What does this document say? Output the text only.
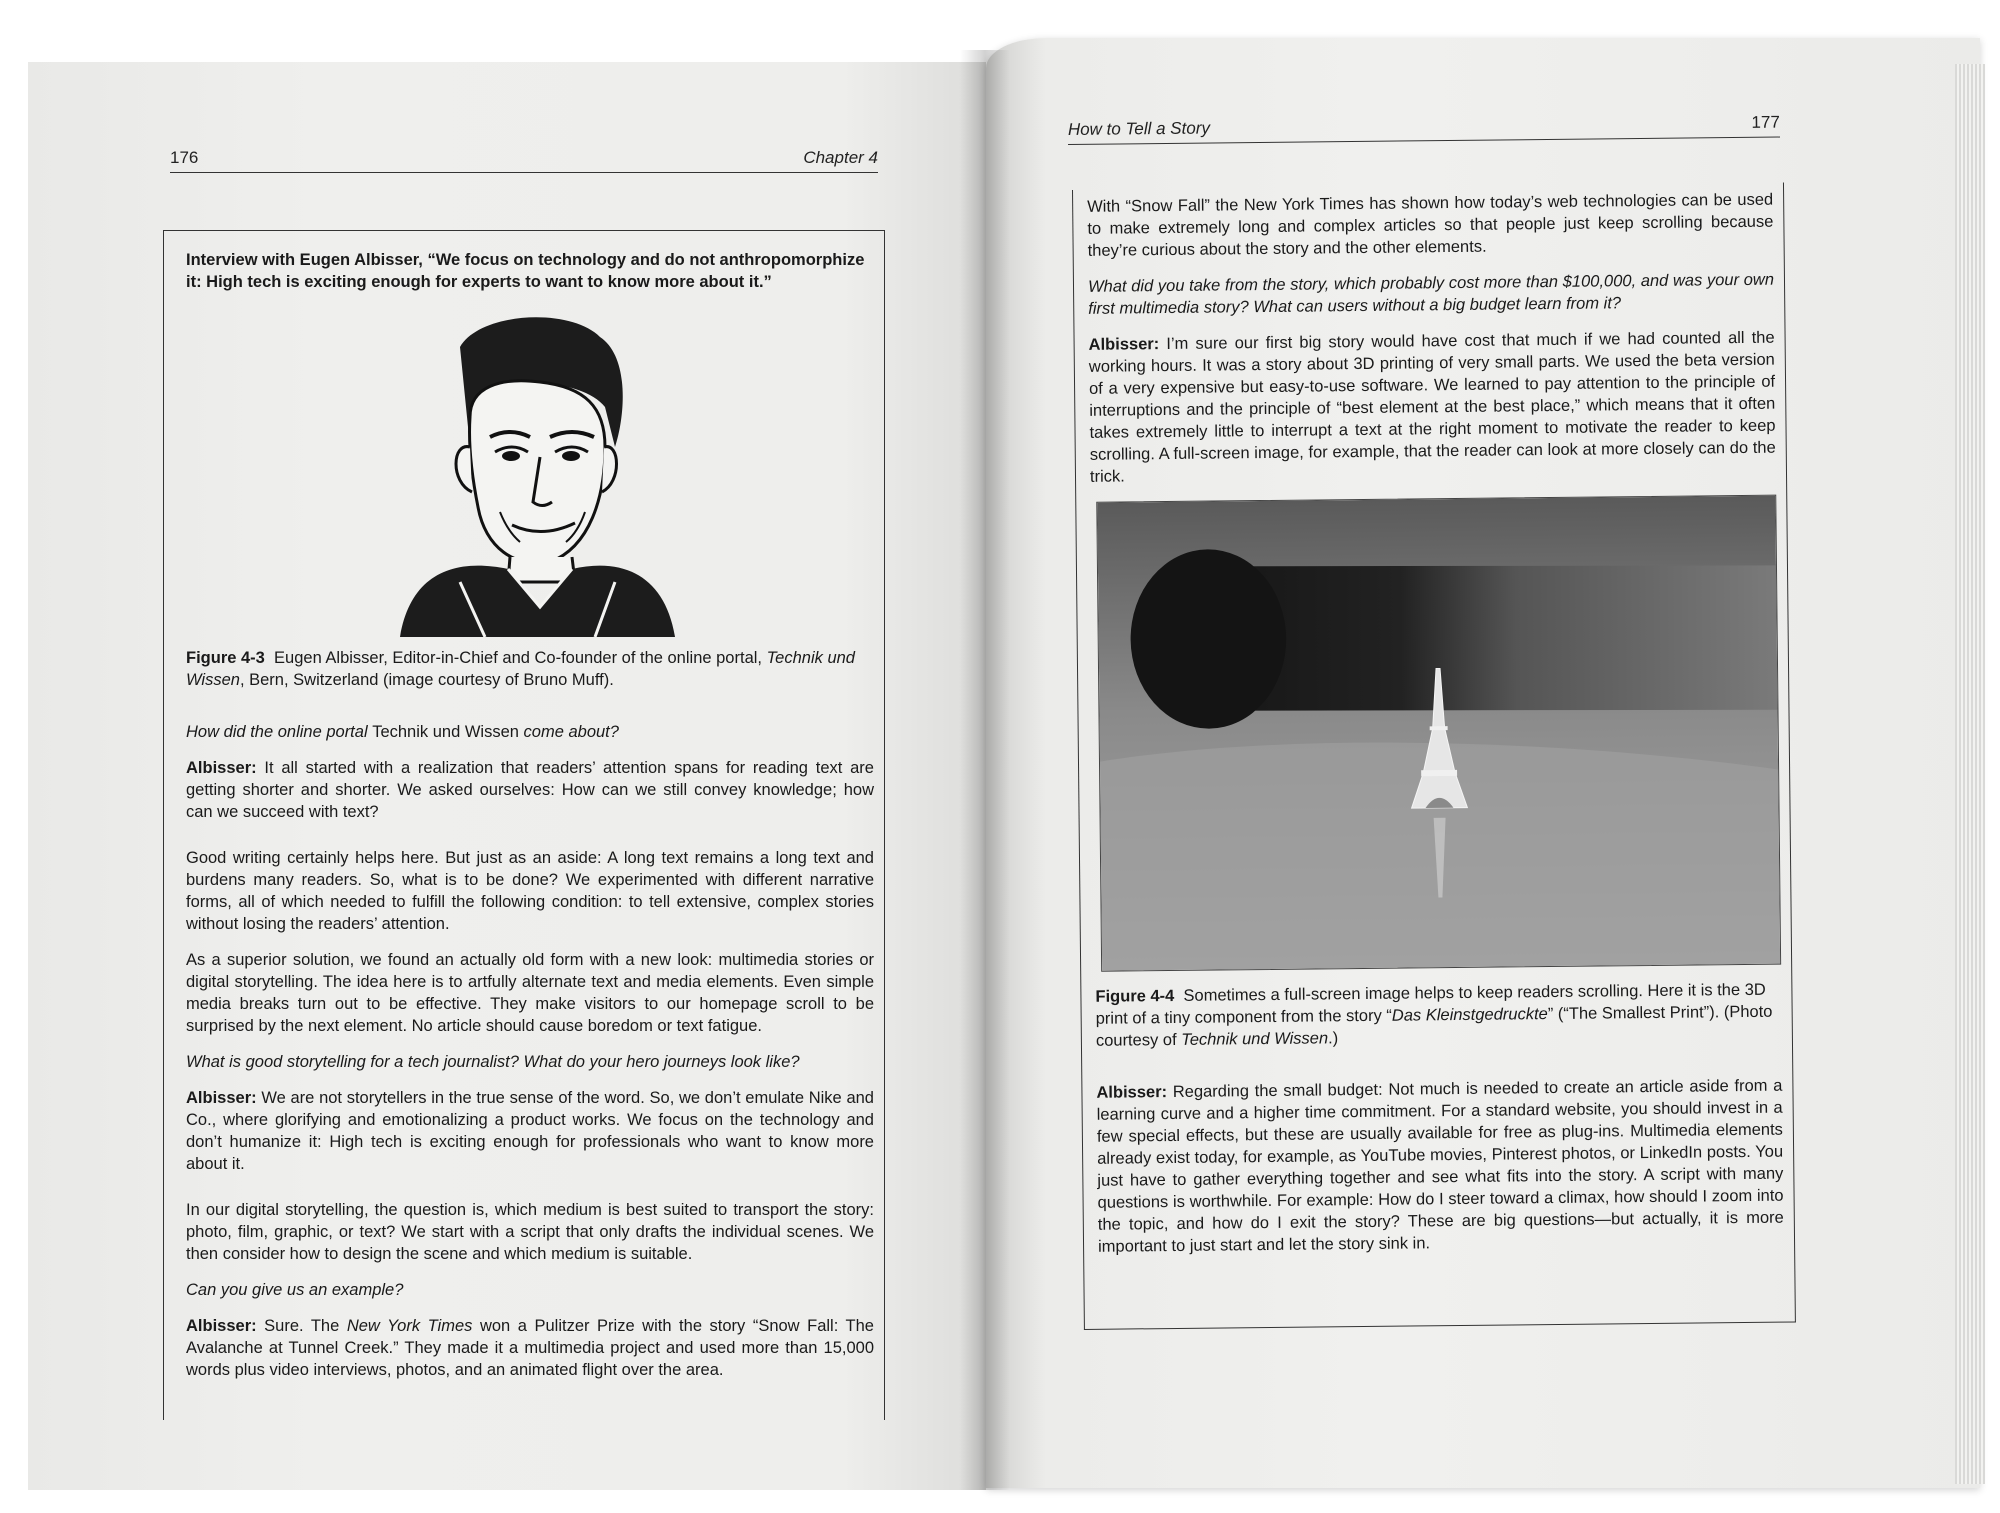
176	Chapter 4
Interview with Eugen Albisser, “We focus on technology and do not anthropomorphize it: High tech is exciting enough for experts to want to know more about it.”
Figure 4-3 Eugen Albisser, Editor-in-Chief and Co-founder of the online portal, Technik und Wissen, Bern, Switzerland (image courtesy of Bruno Muff).

How did the online portal Technik und Wissen come about?

Albisser: It all started with a realization that readers’ attention spans for reading text are getting shorter and shorter. We asked ourselves: How can we still convey knowledge; how can we succeed with text?

Good writing certainly helps here. But just as an aside: A long text remains a long text and burdens many readers. So, what is to be done? We experimented with different narrative forms, all of which needed to fulfill the following condition: to tell extensive, complex stories without losing the readers’ attention.

As a superior solution, we found an actually old form with a new look: multimedia stories or digital storytelling. The idea here is to artfully alternate text and media elements. Even simple media breaks turn out to be effective. They make visitors to our homepage scroll to be surprised by the next element. No article should cause boredom or text fatigue.

What is good storytelling for a tech journalist? What do your hero journeys look like?

Albisser: We are not storytellers in the true sense of the word. So, we don’t emulate Nike and Co., where glorifying and emotionalizing a product works. We focus on the technology and don’t humanize it: High tech is exciting enough for professionals who want to know more about it.

In our digital storytelling, the question is, which medium is best suited to transport the story: photo, film, graphic, or text? We start with a script that only drafts the individual scenes. We then consider how to design the scene and which medium is suitable.

Can you give us an example?

Albisser: Sure. The New York Times won a Pulitzer Prize with the story “Snow Fall: The Avalanche at Tunnel Creek.” They made it a multimedia project and used more than 15,000 words plus video interviews, photos, and an animated flight over the area.

How to Tell a Story	177

With “Snow Fall” the New York Times has shown how today’s web technologies can be used to make extremely long and complex articles so that people just keep scrolling because they’re curious about the story and the other elements.

What did you take from the story, which probably cost more than $100,000, and was your own first multimedia story? What can users without a big budget learn from it?

Albisser: I’m sure our first big story would have cost that much if we had counted all the working hours. It was a story about 3D printing of very small parts. We used the beta version of a very expensive but easy-to-use software. We learned to pay attention to the principle of interruptions and the principle of “best element at the best place,” which means that it often takes extremely little to interrupt a text at the right moment to motivate the reader to keep scrolling. A full-screen image, for example, that the reader can look at more closely can do the trick.

Figure 4-4 Sometimes a full-screen image helps to keep readers scrolling. Here it is the 3D print of a tiny component from the story “Das Kleinstgedruckte” (“The Smallest Print”). (Photo courtesy of Technik und Wissen.)

Albisser: Regarding the small budget: Not much is needed to create an article aside from a learning curve and a higher time commitment. For a standard website, you should invest in a few special effects, but these are usually available for free as plug-ins. Multimedia elements already exist today, for example, as YouTube movies, Pinterest photos, or LinkedIn posts. You just have to gather everything together and see what fits into the story. A script with many questions is worthwhile. For example: How do I steer toward a climax, how should I zoom into the topic, and how do I exit the story? These are big questions—but actually, it is more important to just start and let the story sink in.
